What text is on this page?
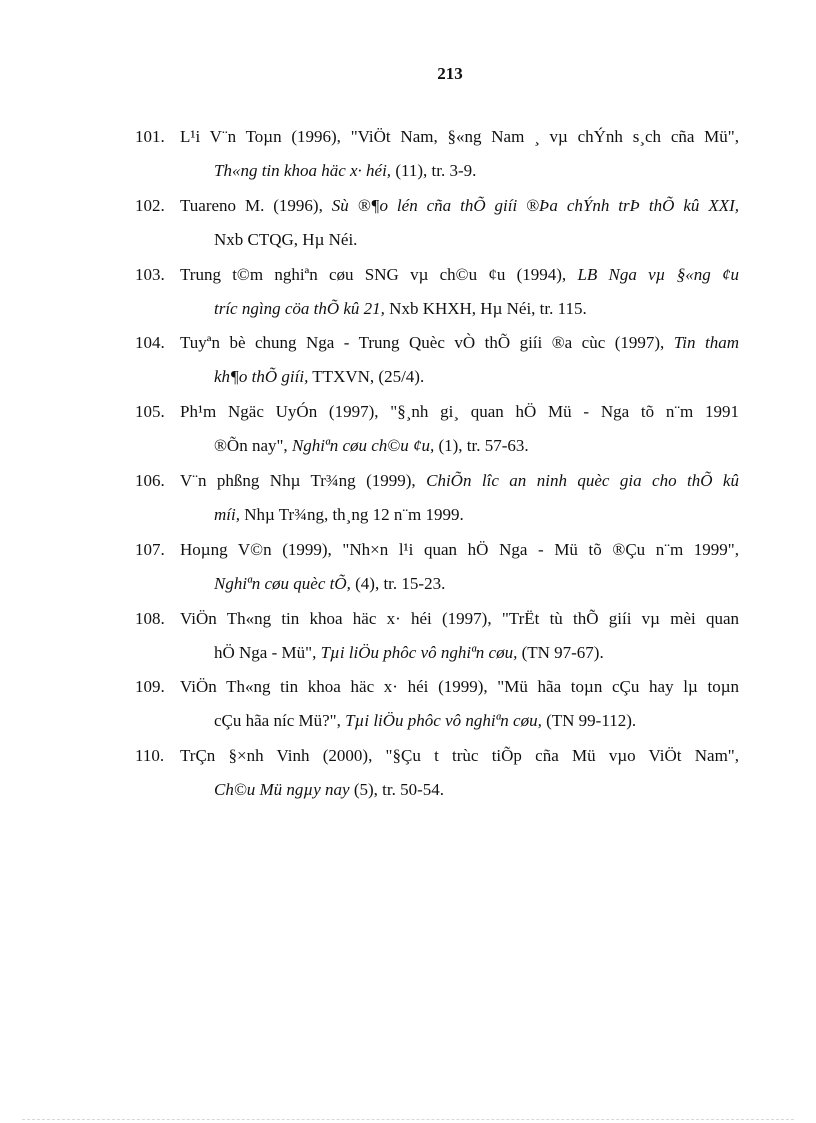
213
101. L¹i V¨n Toµn (1996), "ViÖt Nam, §«ng Nam ¸ vµ chÝnh s¸ch cña Mü",
Th«ng tin khoa häc x· héi, (11), tr. 3-9.
102. Tuareno M. (1996), Sù ®¶o lén cña thÕ giíi ®Þa chÝnh trÞ thÕ kû XXI,
Nxb CTQG, Hµ Néi.
103. Trung t©m nghiªn cøu SNG vµ ch©u ¢u (1994), LB Nga vµ §«ng ¢u
tríc ngìng cöa thÕ kû 21, Nxb KHXH, Hµ Néi, tr. 115.
104. Tuyªn bè chung Nga - Trung Quèc vÒ thÕ giíi ®a cùc (1997), Tin tham
kh¶o thÕ giíi, TTXVN, (25/4).
105. Ph¹m Ngäc UyÓn (1997), "§¸nh gi¸ quan hÖ Mü - Nga tõ n¨m 1991
®Õn nay", Nghiªn cøu ch©u ¢u, (1), tr. 57-63.
106. V¨n phßng Nhµ Tr¾ng (1999), ChiÕn lîc an ninh quèc gia cho thÕ kû
míi, Nhµ Tr¾ng, th¸ng 12 n¨m 1999.
107. Hoµng V©n (1999), "Nh×n l¹i quan hÖ Nga - Mü tõ ®Çu n¨m 1999",
Nghiªn cøu quèc tÕ, (4), tr. 15-23.
108. ViÖn Th«ng tin khoa häc x· héi (1997), "TrËt tù thÕ giíi vµ mèi quan
hÖ Nga - Mü", Tµi liÖu phôc vô nghiªn cøu, (TN 97-67).
109. ViÖn Th«ng tin khoa häc x· héi (1999), "Mü hãa toµn cÇu hay lµ toµn
cÇu hãa níc Mü?", Tµi liÖu phôc vô nghiªn cøu, (TN 99-112).
110. TrÇn §×nh Vinh (2000), "§Çu t trùc tiÕp cña Mü vµo ViÖt Nam",
Ch©u Mü ngµy nay (5), tr. 50-54.
